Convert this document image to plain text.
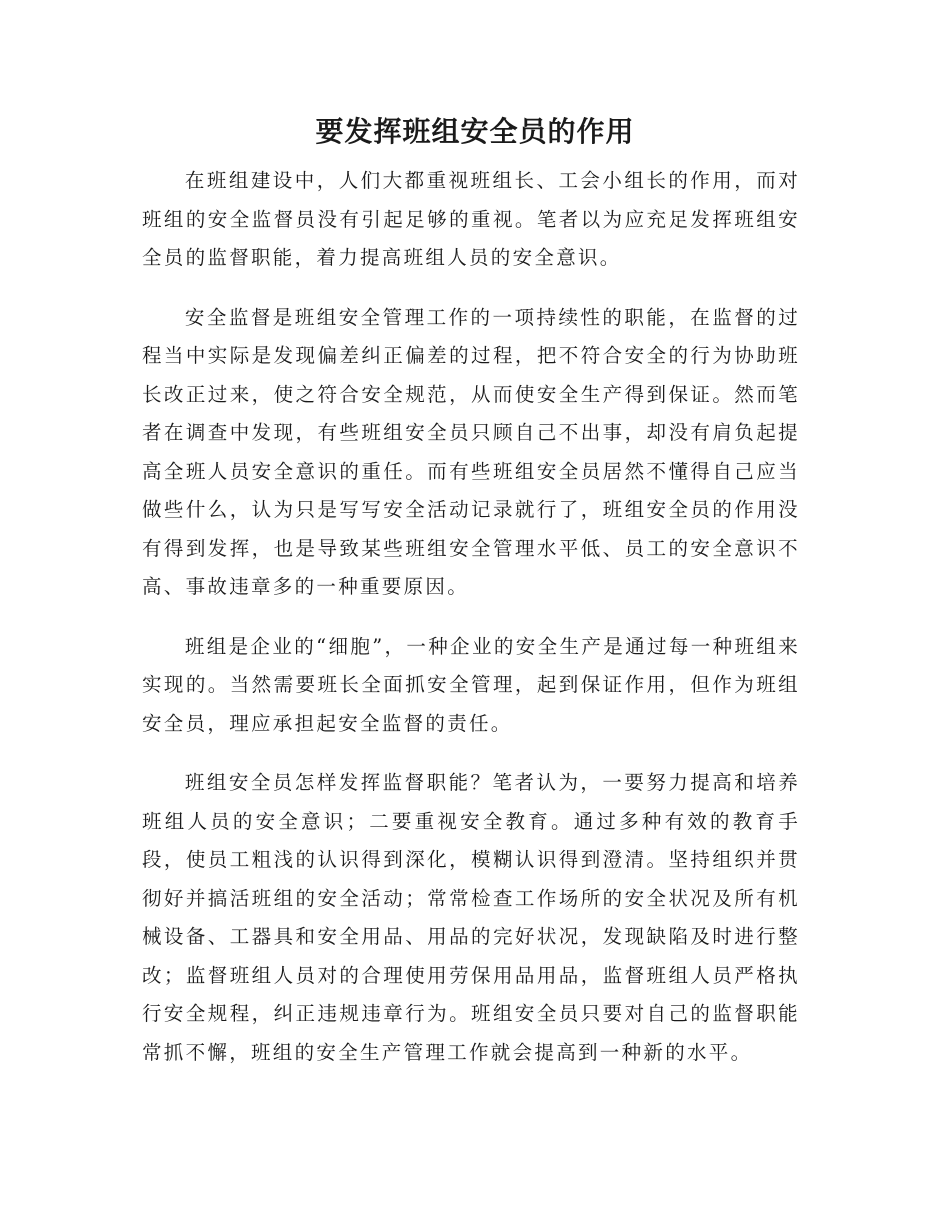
要发挥班组安全员的作用

在班组建设中，人们大都重视班组长、工会小组长的作用，而对班组的安全监督员没有引起足够的重视。笔者以为应充足发挥班组安全员的监督职能，着力提高班组人员的安全意识。

安全监督是班组安全管理工作的一项持续性的职能，在监督的过程当中实际是发现偏差纠正偏差的过程，把不符合安全的行为协助班长改正过来，使之符合安全规范，从而使安全生产得到保证。然而笔者在调查中发现，有些班组安全员只顾自己不出事，却没有肩负起提高全班人员安全意识的重任。而有些班组安全员居然不懂得自己应当做些什么，认为只是写写安全活动记录就行了，班组安全员的作用没有得到发挥，也是导致某些班组安全管理水平低、员工的安全意识不高、事故违章多的一种重要原因。

班组是企业的“细胞”，一种企业的安全生产是通过每一种班组来实现的。当然需要班长全面抓安全管理，起到保证作用，但作为班组安全员，理应承担起安全监督的责任。

班组安全员怎样发挥监督职能？笔者认为，一要努力提高和培养班组人员的安全意识；二要重视安全教育。通过多种有效的教育手段，使员工粗浅的认识得到深化，模糊认识得到澄清。坚持组织并贯彻好并搞活班组的安全活动；常常检查工作场所的安全状况及所有机械设备、工器具和安全用品、用品的完好状况，发现缺陷及时进行整改；监督班组人员对的合理使用劳保用品用品，监督班组人员严格执行安全规程，纠正违规违章行为。班组安全员只要对自己的监督职能常抓不懈，班组的安全生产管理工作就会提高到一种新的水平。
